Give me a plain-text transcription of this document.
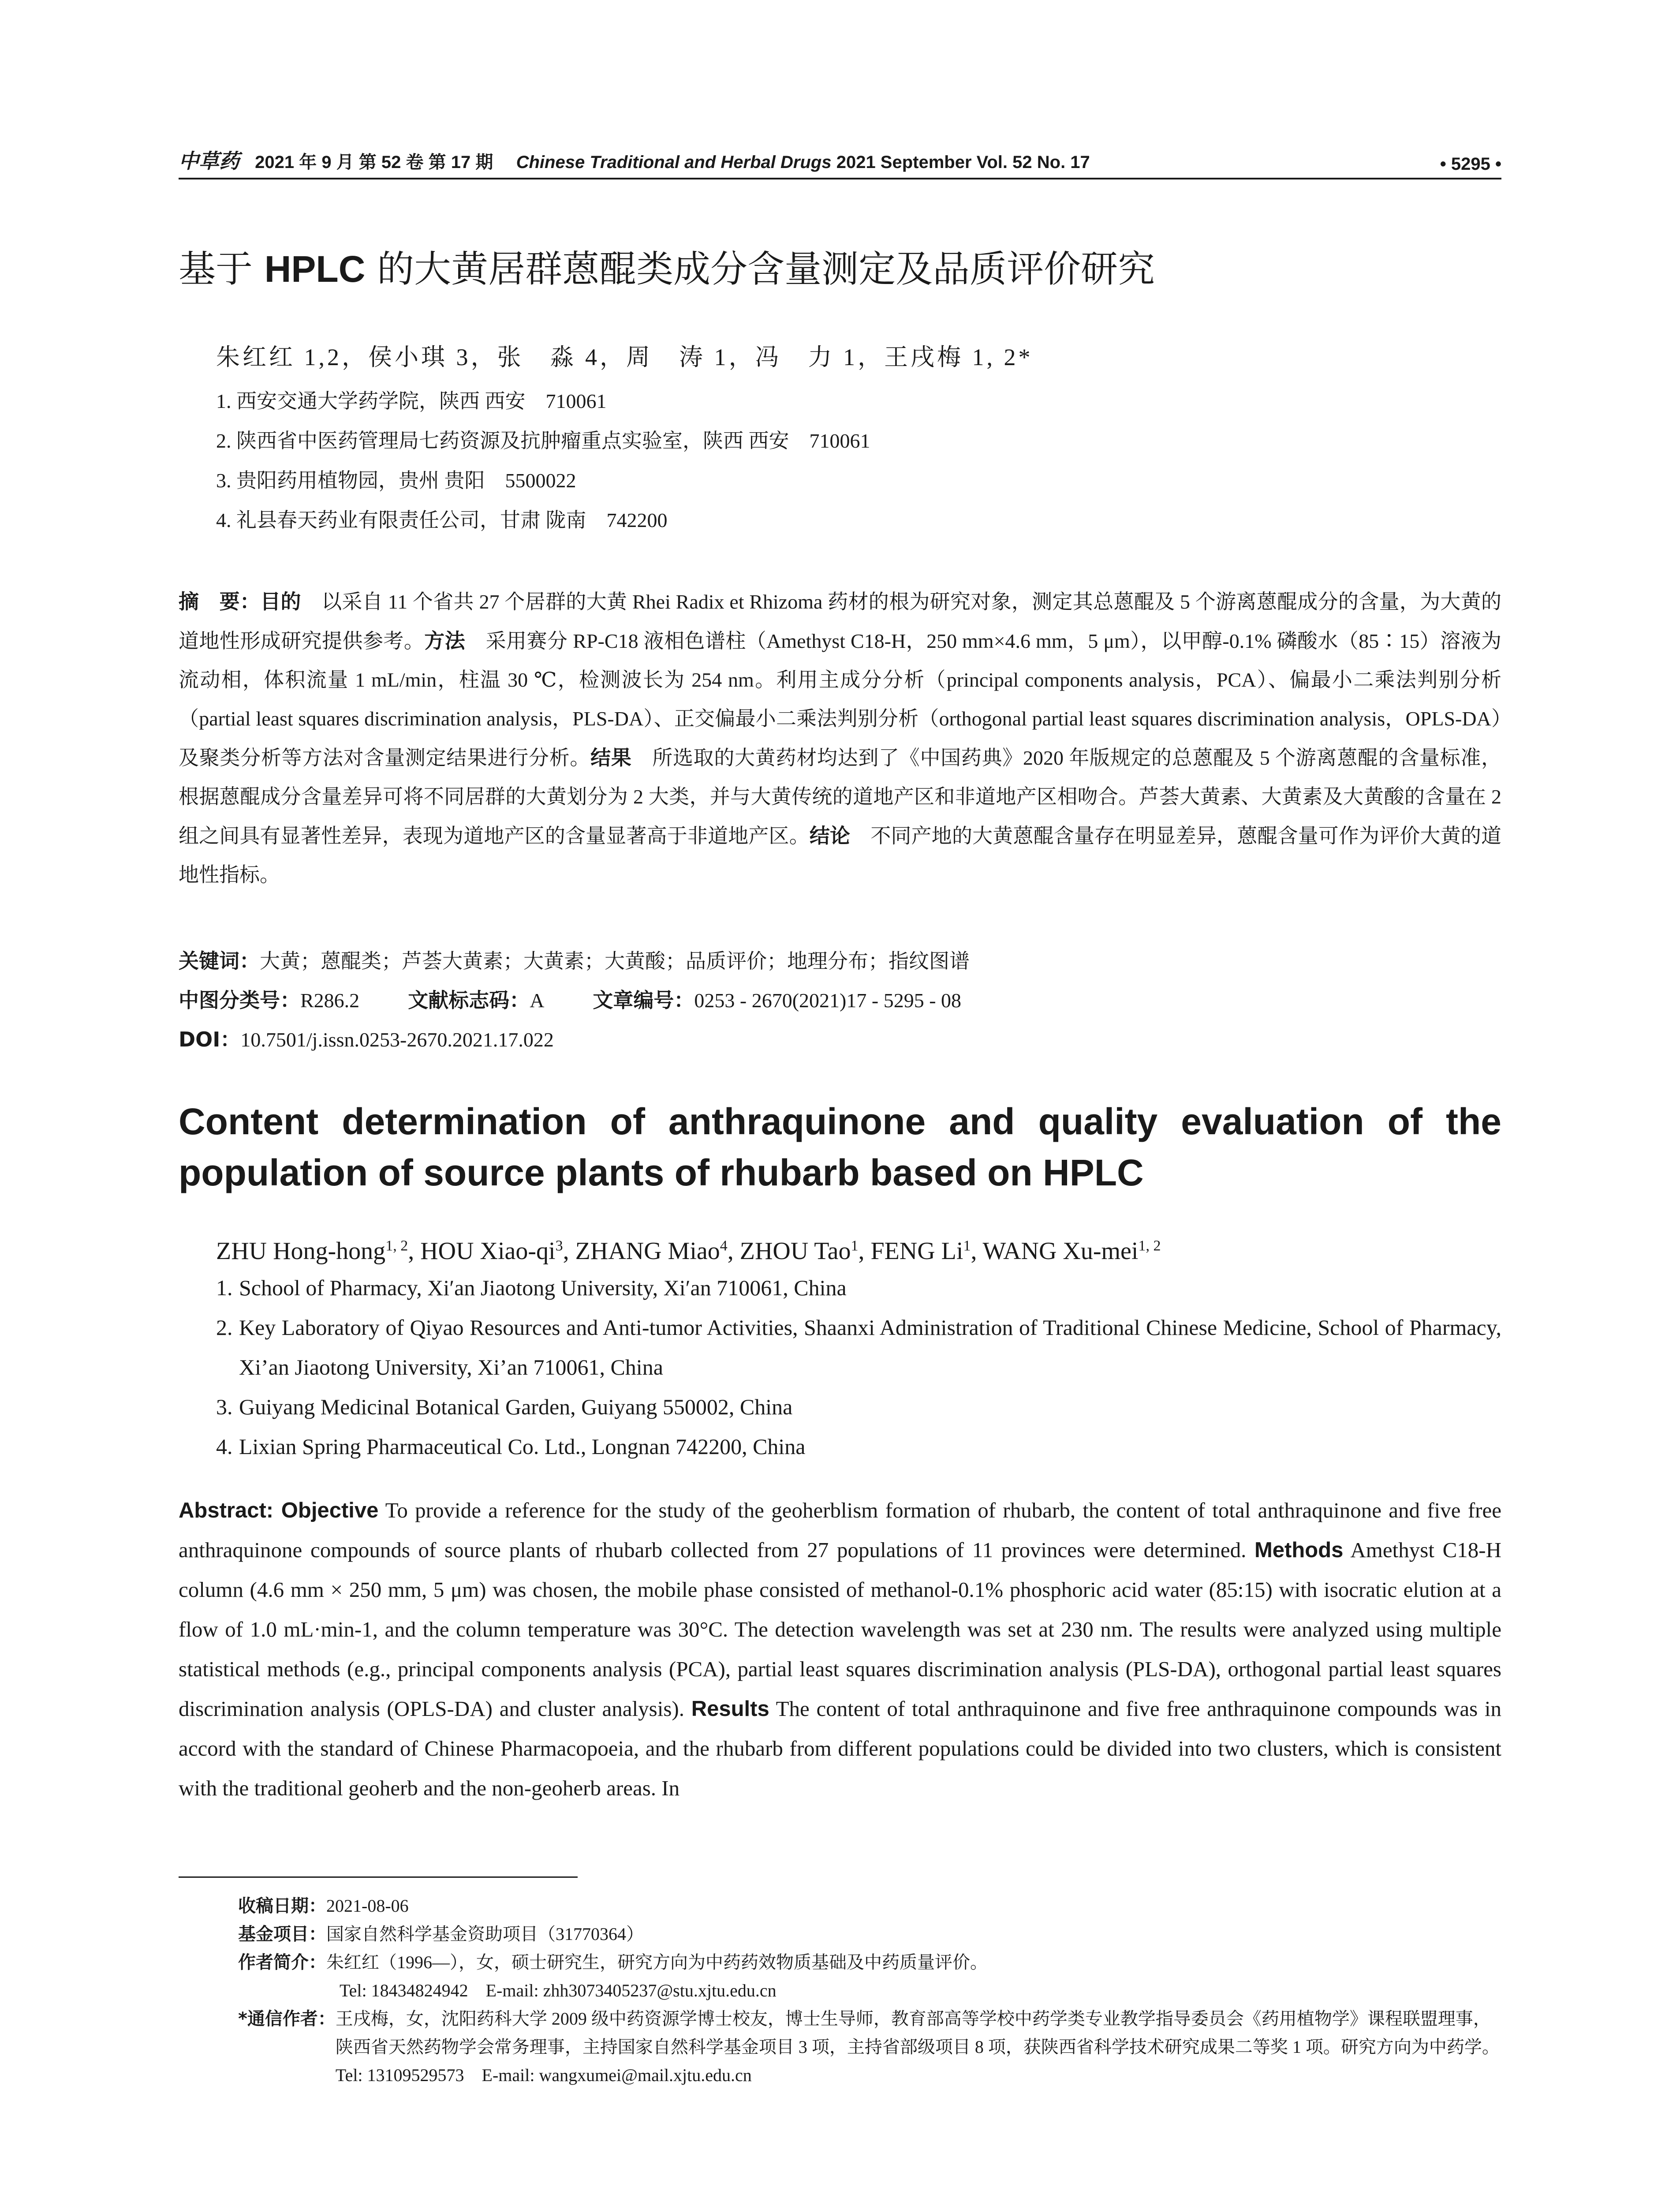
中草药 2021 年 9 月 第 52 卷 第 17 期 Chinese Traditional and Herbal Drugs 2021 September Vol. 52 No. 17	• 5295 •
基于 HPLC 的大黄居群蒽醌类成分含量测定及品质评价研究
朱红红 1,2，侯小琪 3，张　淼 4，周　涛 1，冯　力 1，王戌梅 1, 2*
1. 西安交通大学药学院，陕西 西安　710061
2. 陕西省中医药管理局七药资源及抗肿瘤重点实验室，陕西 西安　710061
3. 贵阳药用植物园，贵州 贵阳　5500022
4. 礼县春天药业有限责任公司，甘肃 陇南　742200
摘　要：目的　以采自 11 个省共 27 个居群的大黄 Rhei Radix et Rhizoma 药材的根为研究对象，测定其总蒽醌及 5 个游离蒽醌成分的含量，为大黄的道地性形成研究提供参考。方法　采用赛分 RP-C18 液相色谱柱（Amethyst C18-H，250 mm×4.6 mm，5 μm），以甲醇-0.1% 磷酸水（85∶15）溶液为流动相，体积流量 1 mL/min，柱温 30 ℃，检测波长为 254 nm。利用主成分分析（principal components analysis，PCA）、偏最小二乘法判别分析（partial least squares discrimination analysis，PLS-DA）、正交偏最小二乘法判别分析（orthogonal partial least squares discrimination analysis，OPLS-DA）及聚类分析等方法对含量测定结果进行分析。结果　所选取的大黄药材均达到了《中国药典》2020 年版规定的总蒽醌及 5 个游离蒽醌的含量标准，根据蒽醌成分含量差异可将不同居群的大黄划分为 2 大类，并与大黄传统的道地产区和非道地产区相吻合。芦荟大黄素、大黄素及大黄酸的含量在 2 组之间具有显著性差异，表现为道地产区的含量显著高于非道地产区。结论　不同产地的大黄蒽醌含量存在明显差异，蒽醌含量可作为评价大黄的道地性指标。
关键词：大黄；蒽醌类；芦荟大黄素；大黄素；大黄酸；品质评价；地理分布；指纹图谱
中图分类号：R286.2 文献标志码：A 文章编号：0253 - 2670(2021)17 - 5295 - 08
DOI：10.7501/j.issn.0253-2670.2021.17.022
Content determination of anthraquinone and quality evaluation of the
population of source plants of rhubarb based on HPLC
ZHU Hong-hong$^{1, 2}$, HOU Xiao-$qi^3$, ZHANG Miao$^4$, ZHOU Tao$^1$, FENG Li$^1$, WANG Xu-mei$^{1, 2}$
1. School of Pharmacy, Xi′an Jiaotong University, Xi′an 710061, China
2. Key Laboratory of Qiyao Resources and Anti-tumor Activities, Shaanxi Administration of Traditional Chinese Medicine, School of Pharmacy, Xi’an Jiaotong University, Xi’an 710061, China
3. Guiyang Medicinal Botanical Garden, Guiyang 550002, China
4. Lixian Spring Pharmaceutical Co. Ltd., Longnan 742200, China
Abstract: Objective To provide a reference for the study of the geoherblism formation of rhubarb, the content of total anthraquinone and five free anthraquinone compounds of source plants of rhubarb collected from 27 populations of 11 provinces were determined. Methods Amethyst C18-H column (4.6 mm × 250 mm, 5 μm) was chosen, the mobile phase consisted of methanol-0.1% phosphoric acid water (85:15) with isocratic elution at a flow of 1.0 mL·min-1, and the column temperature was 30°C. The detection wavelength was set at 230 nm. The results were analyzed using multiple statistical methods (e.g., principal components analysis (PCA), partial least squares discrimination analysis (PLS-DA), orthogonal partial least squares discrimination analysis (OPLS-DA) and cluster analysis). Results The content of total anthraquinone and five free anthraquinone compounds was in accord with the standard of Chinese Pharmacopoeia, and the rhubarb from different populations could be divided into two clusters, which is consistent with the traditional geoherb and the non-geoherb areas. In
收稿日期： 2021-08-06
基金项目： 国家自然科学基金资助项目（31770364）
作者简介： 朱红红（1996—），女，硕士研究生，研究方向为中药药效物质基础及中药质量评价。
Tel: 18434824942　E-mail: zhh3073405237@stu.xjtu.edu.cn
*通信作者： 王戌梅，女，沈阳药科大学 2009 级中药资源学博士校友，博士生导师，教育部高等学校中药学类专业教学指导委员会《药用植物学》课程联盟理事，陕西省天然药物学会常务理事，主持国家自然科学基金项目 3 项，主持省部级项目 8 项，获陕西省科学技术研究成果二等奖 1 项。研究方向为中药学。Tel: 13109529573　E-mail: wangxumei@mail.xjtu.edu.cn
